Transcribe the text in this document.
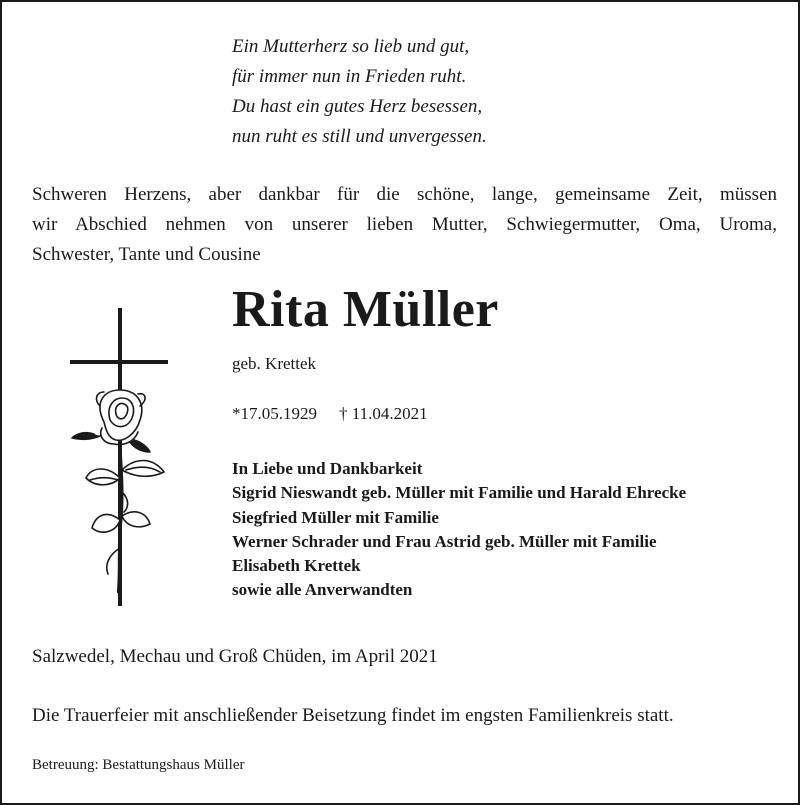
Ein Mutterherz so lieb und gut,
für immer nun in Frieden ruht.
Du hast ein gutes Herz besessen,
nun ruht es still und unvergessen.
Schweren Herzens, aber dankbar für die schöne, lange, gemeinsame Zeit, müssen
wir Abschied nehmen von unserer lieben Mutter, Schwiegermutter, Oma, Uroma,
Schwester, Tante und Cousine
Rita Müller
geb. Krettek
*17.05.1929 † 11.04.2021
In Liebe und Dankbarkeit
Sigrid Nieswandt geb. Müller mit Familie und Harald Ehrecke
Siegfried Müller mit Familie
Werner Schrader und Frau Astrid geb. Müller mit Familie
Elisabeth Krettek
sowie alle Anverwandten
Salzwedel, Mechau und Groß Chüden, im April 2021
Die Trauerfeier mit anschließender Beisetzung findet im engsten Familienkreis statt.
Betreuung: Bestattungshaus Müller
